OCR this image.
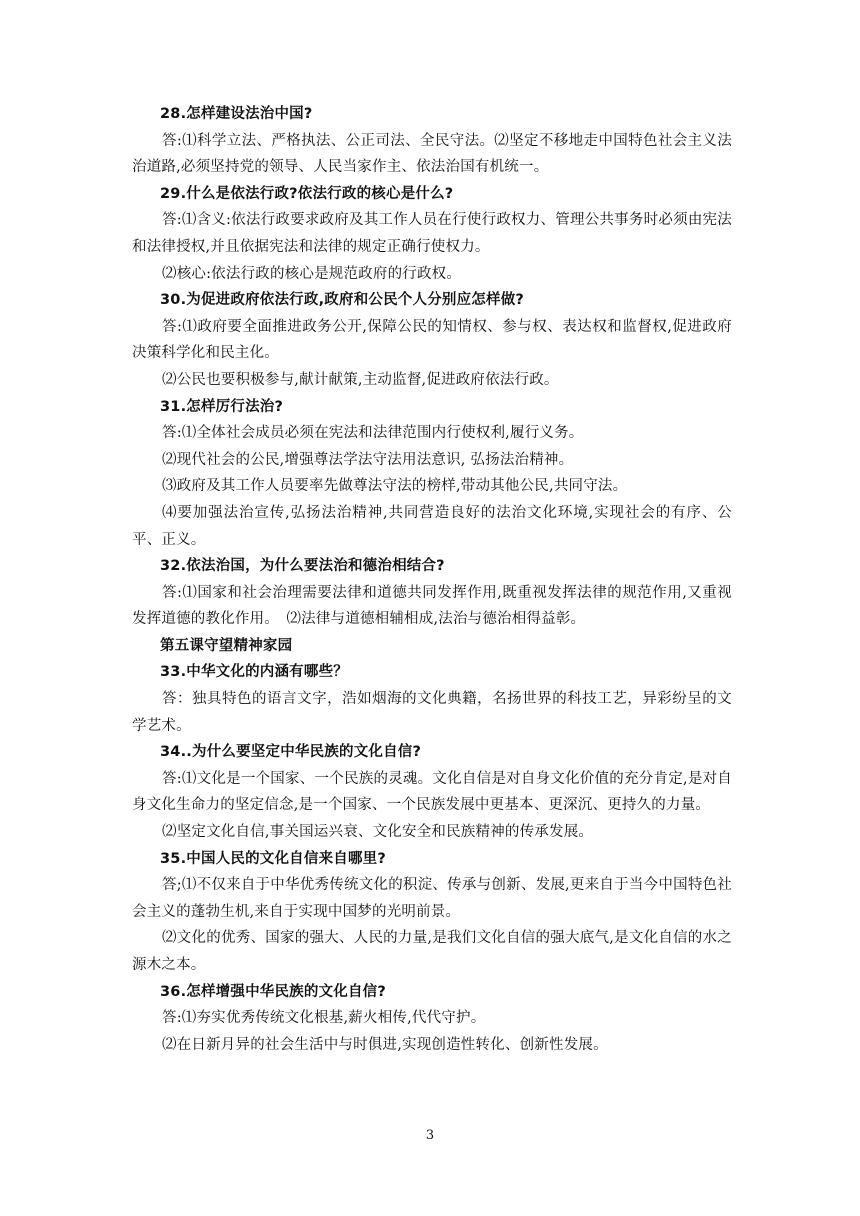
28.怎样建设法治中国?

答:⑴科学立法、严格执法、公正司法、全民守法。⑵坚定不移地走中国特色社会主义法治道路,必须坚持党的领导、人民当家作主、依法治国有机统一。

29.什么是依法行政?依法行政的核心是什么?

答:⑴含义:依法行政要求政府及其工作人员在行使行政权力、管理公共事务时必须由宪法和法律授权,并且依据宪法和法律的规定正确行使权力。

⑵核心:依法行政的核心是规范政府的行政权。

30.为促进政府依法行政,政府和公民个人分别应怎样做?

答:⑴政府要全面推进政务公开,保障公民的知情权、参与权、表达权和监督权,促进政府决策科学化和民主化。

⑵公民也要积极参与,献计献策,主动监督,促进政府依法行政。

31.怎样厉行法治?

答:⑴全体社会成员必须在宪法和法律范围内行使权利,履行义务。

⑵现代社会的公民,增强尊法学法守法用法意识, 弘扬法治精神。

⑶政府及其工作人员要率先做尊法守法的榜样,带动其他公民,共同守法。

⑷要加强法治宣传,弘扬法治精神,共同营造良好的法治文化环境,实现社会的有序、公平、正义。

32.依法治国，为什么要法治和德治相结合?

答:⑴国家和社会治理需要法律和道德共同发挥作用,既重视发挥法律的规范作用,又重视发挥道德的教化作用。　⑵法律与道德相辅相成,法治与德治相得益彰。

第五课守望精神家园

33.中华文化的内涵有哪些？

答：独具特色的语言文字，浩如烟海的文化典籍，名扬世界的科技工艺，异彩纷呈的文学艺术。

34..为什么要坚定中华民族的文化自信?

答:⑴文化是一个国家、一个民族的灵魂。文化自信是对自身文化价值的充分肯定,是对自身文化生命力的坚定信念,是一个国家、一个民族发展中更基本、更深沉、更持久的力量。

⑵坚定文化自信,事关国运兴衰、文化安全和民族精神的传承发展。

35.中国人民的文化自信来自哪里?

答;⑴不仅来自于中华优秀传统文化的积淀、传承与创新、发展,更来自于当今中国特色社会主义的蓬勃生机,来自于实现中国梦的光明前景。

⑵文化的优秀、国家的强大、人民的力量,是我们文化自信的强大底气,是文化自信的水之源木之本。

36.怎样增强中华民族的文化自信?

答:⑴夯实优秀传统文化根基,薪火相传,代代守护。

⑵在日新月异的社会生活中与时俱进,实现创造性转化、创新性发展。

3
